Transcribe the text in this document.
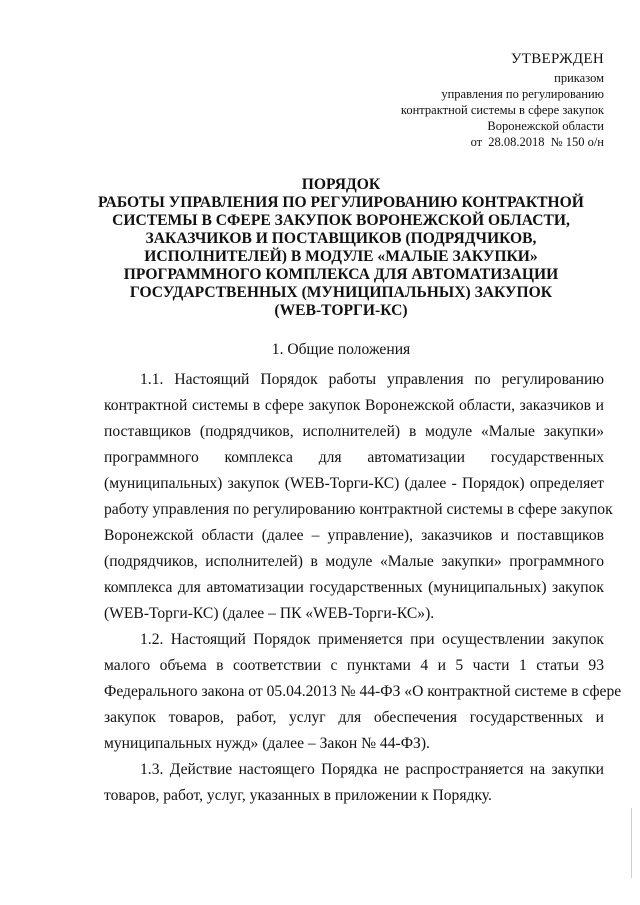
УТВЕРЖДЕН
приказом
управления по регулированию
контрактной системы в сфере закупок
Воронежской области
от 28.08.2018 № 150 о/н
ПОРЯДОК
РАБОТЫ УПРАВЛЕНИЯ ПО РЕГУЛИРОВАНИЮ КОНТРАКТНОЙ
СИСТЕМЫ В СФЕРЕ ЗАКУПОК ВОРОНЕЖСКОЙ ОБЛАСТИ,
ЗАКАЗЧИКОВ И ПОСТАВЩИКОВ (ПОДРЯДЧИКОВ,
ИСПОЛНИТЕЛЕЙ) В МОДУЛЕ «МАЛЫЕ ЗАКУПКИ»
ПРОГРАММНОГО КОМПЛЕКСА ДЛЯ АВТОМАТИЗАЦИИ
ГОСУДАРСТВЕННЫХ (МУНИЦИПАЛЬНЫХ) ЗАКУПОК
(WEB-ТОРГИ-КС)
1. Общие положения
1.1. Настоящий Порядок работы управления по регулированию
контрактной системы в сфере закупок Воронежской области, заказчиков и
поставщиков (подрядчиков, исполнителей) в модуле «Малые закупки»
программного комплекса для автоматизации государственных
(муниципальных) закупок (WEB-Торги-КС) (далее - Порядок) определяет
работу управления по регулированию контрактной системы в сфере закупок
Воронежской области (далее – управление), заказчиков и поставщиков
(подрядчиков, исполнителей) в модуле «Малые закупки» программного
комплекса для автоматизации государственных (муниципальных) закупок
(WEB-Торги-КС) (далее – ПК «WEB-Торги-КС»).
1.2. Настоящий Порядок применяется при осуществлении закупок
малого объема в соответствии с пунктами 4 и 5 части 1 статьи 93
Федерального закона от 05.04.2013 № 44-ФЗ «О контрактной системе в сфере
закупок товаров, работ, услуг для обеспечения государственных и
муниципальных нужд» (далее – Закон № 44-ФЗ).
1.3. Действие настоящего Порядка не распространяется на закупки
товаров, работ, услуг, указанных в приложении к Порядку.
